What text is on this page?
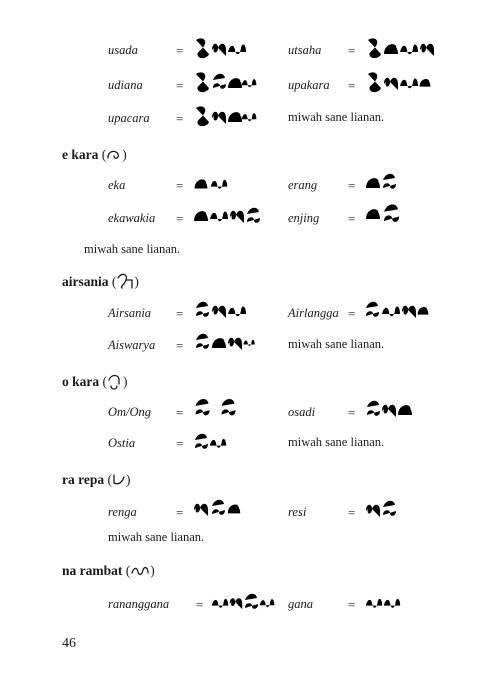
usada	=	utsaha =
udiana	=	upakara =
upacara =	miwah sane lianan.
e kara ( )
eka	=	erang =
ekawakia =	enjing =
miwah sane lianan.
airsania ( )
Airsania =	Airlangga =
Aiswarya =	miwah sane lianan.
o kara ( )
Om/Ong =	osadi	=
Ostia	=	miwah sane lianan.
ra repa ( )
renga	=	resi	=
miwah sane lianan.
na rambat ( )
rananggana =	gana	=
46
